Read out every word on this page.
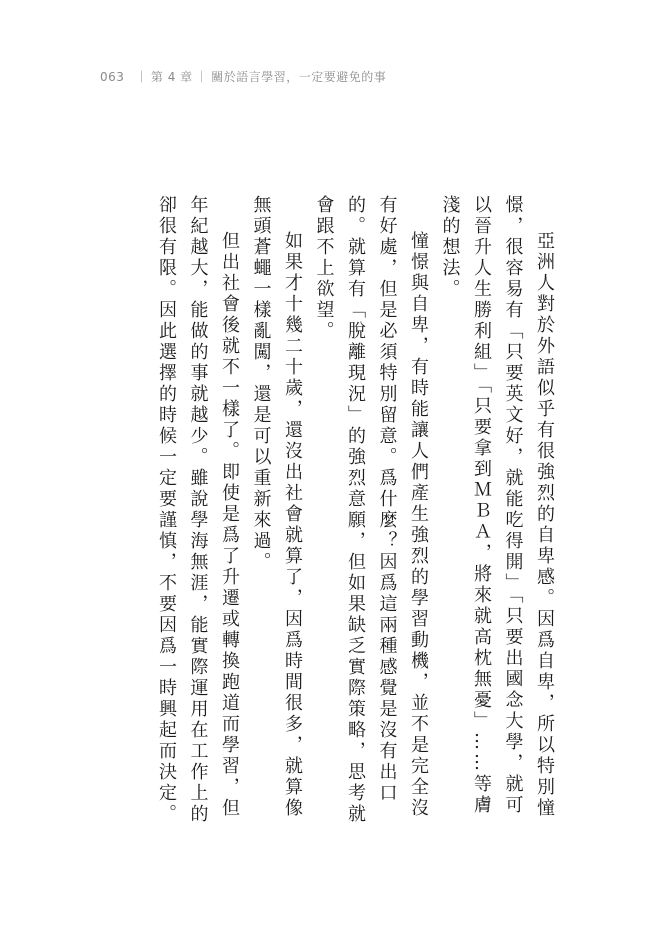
063 ｜ 第 4 章 ｜ 關於語言學習，一定要避免的事

亞洲人對於外語似乎有很強烈的自卑感。因爲自卑，所以特別憧憬，很容易有「只要英文好，就能吃得開」「只要出國念大學，就可以晉升人生勝利組」「只要拿到ＭＢＡ，將來就高枕無憂」……等膚淺的想法。

憧憬與自卑，有時能讓人們產生強烈的學習動機，並不是完全沒有好處，但是必須特別留意。爲什麼？因爲這兩種感覺是沒有出口的。就算有「脫離現況」的強烈意願，但如果缺乏實際策略，思考就會跟不上欲望。

如果才十幾二十歲，還沒出社會就算了，因爲時間很多，就算像無頭蒼蠅一樣亂闖，還是可以重新來過。

但出社會後就不一樣了。即使是爲了升遷或轉換跑道而學習，但年紀越大，能做的事就越少。雖說學海無涯，能實際運用在工作上的卻很有限。因此選擇的時候一定要謹慎，不要因爲一時興起而決定。
